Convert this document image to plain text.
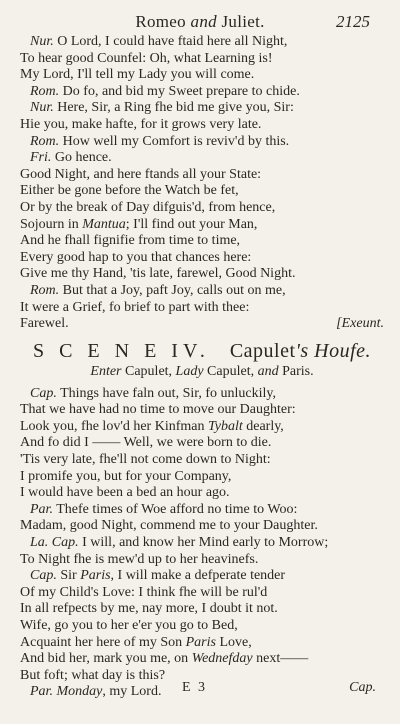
Romeo and Juliet.	2125
Nur. O Lord, I could have ftaid here all Night,
To hear good Counfel: Oh, what Learning is!
My Lord, I'll tell my Lady you will come.
Rom. Do fo, and bid my Sweet prepare to chide.
Nur. Here, Sir, a Ring fhe bid me give you, Sir:
Hie you, make hafte, for it grows very late.
Rom. How well my Comfort is reviv'd by this.
Fri. Go hence.
Good Night, and here ftands all your State:
Either be gone before the Watch be fet,
Or by the break of Day difguis'd, from hence,
Sojourn in Mantua; I'll find out your Man,
And he fhall fignifie from time to time,
Every good hap to you that chances here:
Give me thy Hand, 'tis late, farewel, Good Night.
Rom. But that a Joy, paft Joy, calls out on me,
It were a Grief, fo brief to part with thee:
Farewel.	[Exeunt.
S C E N E IV. Capulet's Houfe.
Enter Capulet, Lady Capulet, and Paris.
Cap. Things have faln out, Sir, fo unluckily,
That we have had no time to move our Daughter:
Look you, fhe lov'd her Kinfman Tybalt dearly,
And fo did I —— Well, we were born to die.
'Tis very late, fhe'll not come down to Night:
I promife you, but for your Company,
I would have been a bed an hour ago.
Par. Thefe times of Woe afford no time to Woo:
Madam, good Night, commend me to your Daughter.
La. Cap. I will, and know her Mind early to Morrow;
To Night fhe is mew'd up to her heavinefs.
Cap. Sir Paris, I will make a defperate tender
Of my Child's Love: I think fhe will be rul'd
In all refpects by me, nay more, I doubt it not.
Wife, go you to her e'er you go to Bed,
Acquaint her here of my Son Paris Love,
And bid her, mark you me, on Wednefday next——
But foft; what day is this?
Par. Monday, my Lord.	E 3	Cap.
